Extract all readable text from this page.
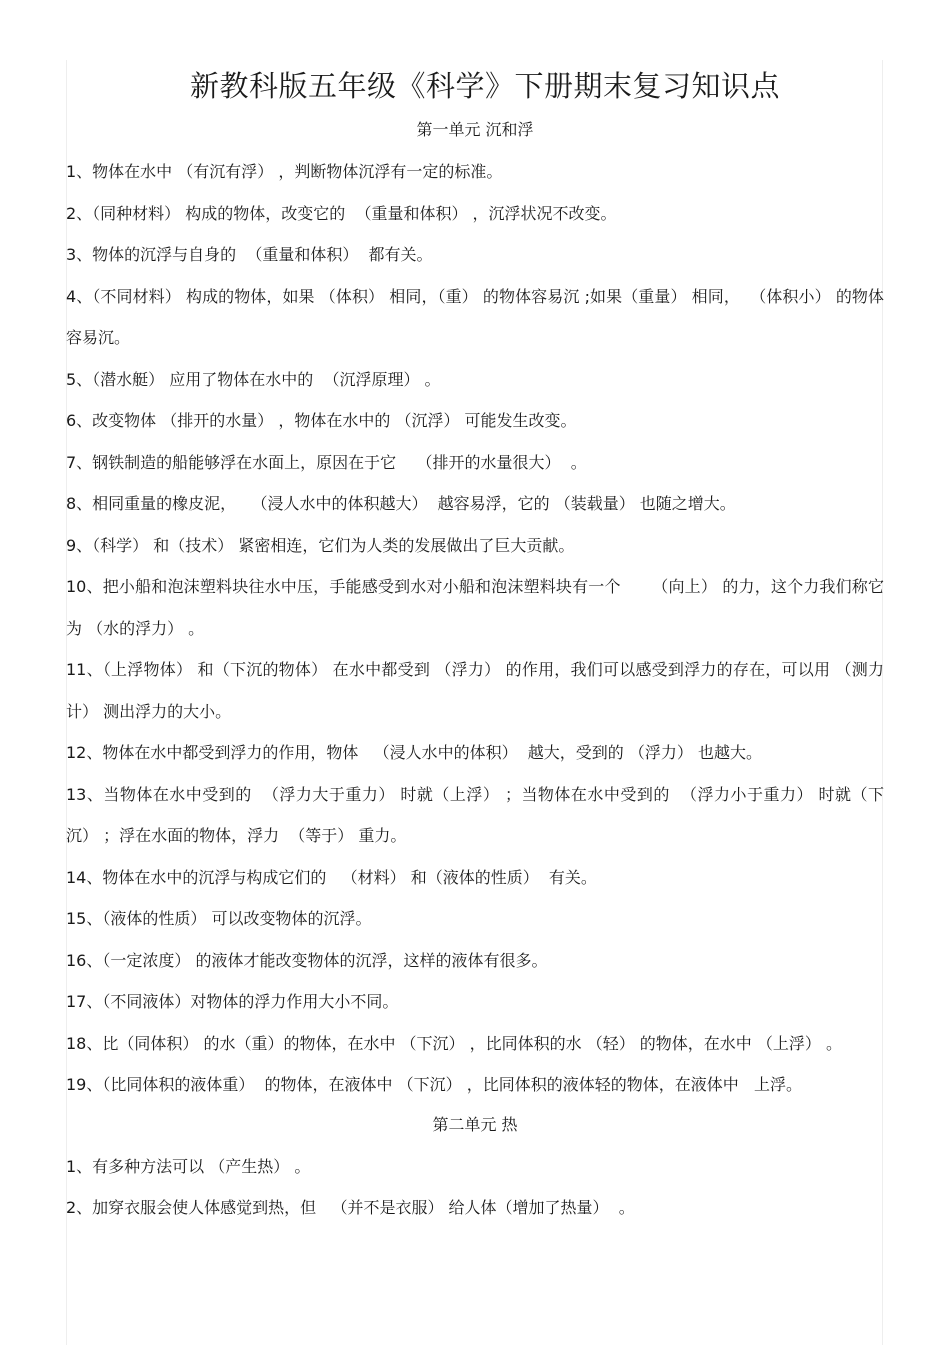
新教科版五年级《科学》下册期末复习知识点
第一单元 沉和浮

1、物体在水中 （有沉有浮） ，判断物体沉浮有一定的标准。

2、（同种材料） 构成的物体，改变它的  （重量和体积） ，沉浮状况不改变。

3、物体的沉浮与自身的  （重量和体积）  都有关。

4、（不同材料） 构成的物体，如果 （体积） 相同，（重） 的物体容易沉 ;如果（重量） 相同，  （体积小） 的物体容易沉。

5、（潜水艇） 应用了物体在水中的  （沉浮原理） 。

6、改变物体 （排开的水量） ，物体在水中的 （沉浮） 可能发生改变。

7、钢铁制造的船能够浮在水面上，原因在于它    （排开的水量很大）  。

8、相同重量的橡皮泥，   （浸人水中的体积越大）  越容易浮，它的 （装载量） 也随之增大。

9、（科学） 和（技术） 紧密相连，它们为人类的发展做出了巨大贡献。

10、把小船和泡沫塑料块往水中压，手能感受到水对小船和泡沫塑料块有一个      （向上） 的力，这个力我们称它为 （水的浮力） 。

11、（上浮物体） 和（下沉的物体） 在水中都受到 （浮力） 的作用，我们可以感受到浮力的存在，可以用 （测力计） 测出浮力的大小。

12、物体在水中都受到浮力的作用，物体   （浸人水中的体积）  越大，受到的 （浮力） 也越大。

13、当物体在水中受到的  （浮力大于重力） 时就（上浮） ；当物体在水中受到的  （浮力小于重力） 时就（下沉） ；浮在水面的物体，浮力  （等于） 重力。

14、物体在水中的沉浮与构成它们的   （材料） 和（液体的性质）  有关。

15、（液体的性质） 可以改变物体的沉浮。

16、（一定浓度） 的液体才能改变物体的沉浮，这样的液体有很多。

17、（不同液体）对物体的浮力作用大小不同。

18、比（同体积） 的水（重）的物体，在水中 （下沉） ，比同体积的水 （轻） 的物体，在水中 （上浮） 。

19、（比同体积的液体重）  的物体，在液体中 （下沉） ，比同体积的液体轻的物体，在液体中   上浮。

第二单元 热

1、有多种方法可以 （产生热） 。

2、加穿衣服会使人体感觉到热，但   （并不是衣服） 给人体（增加了热量）  。
